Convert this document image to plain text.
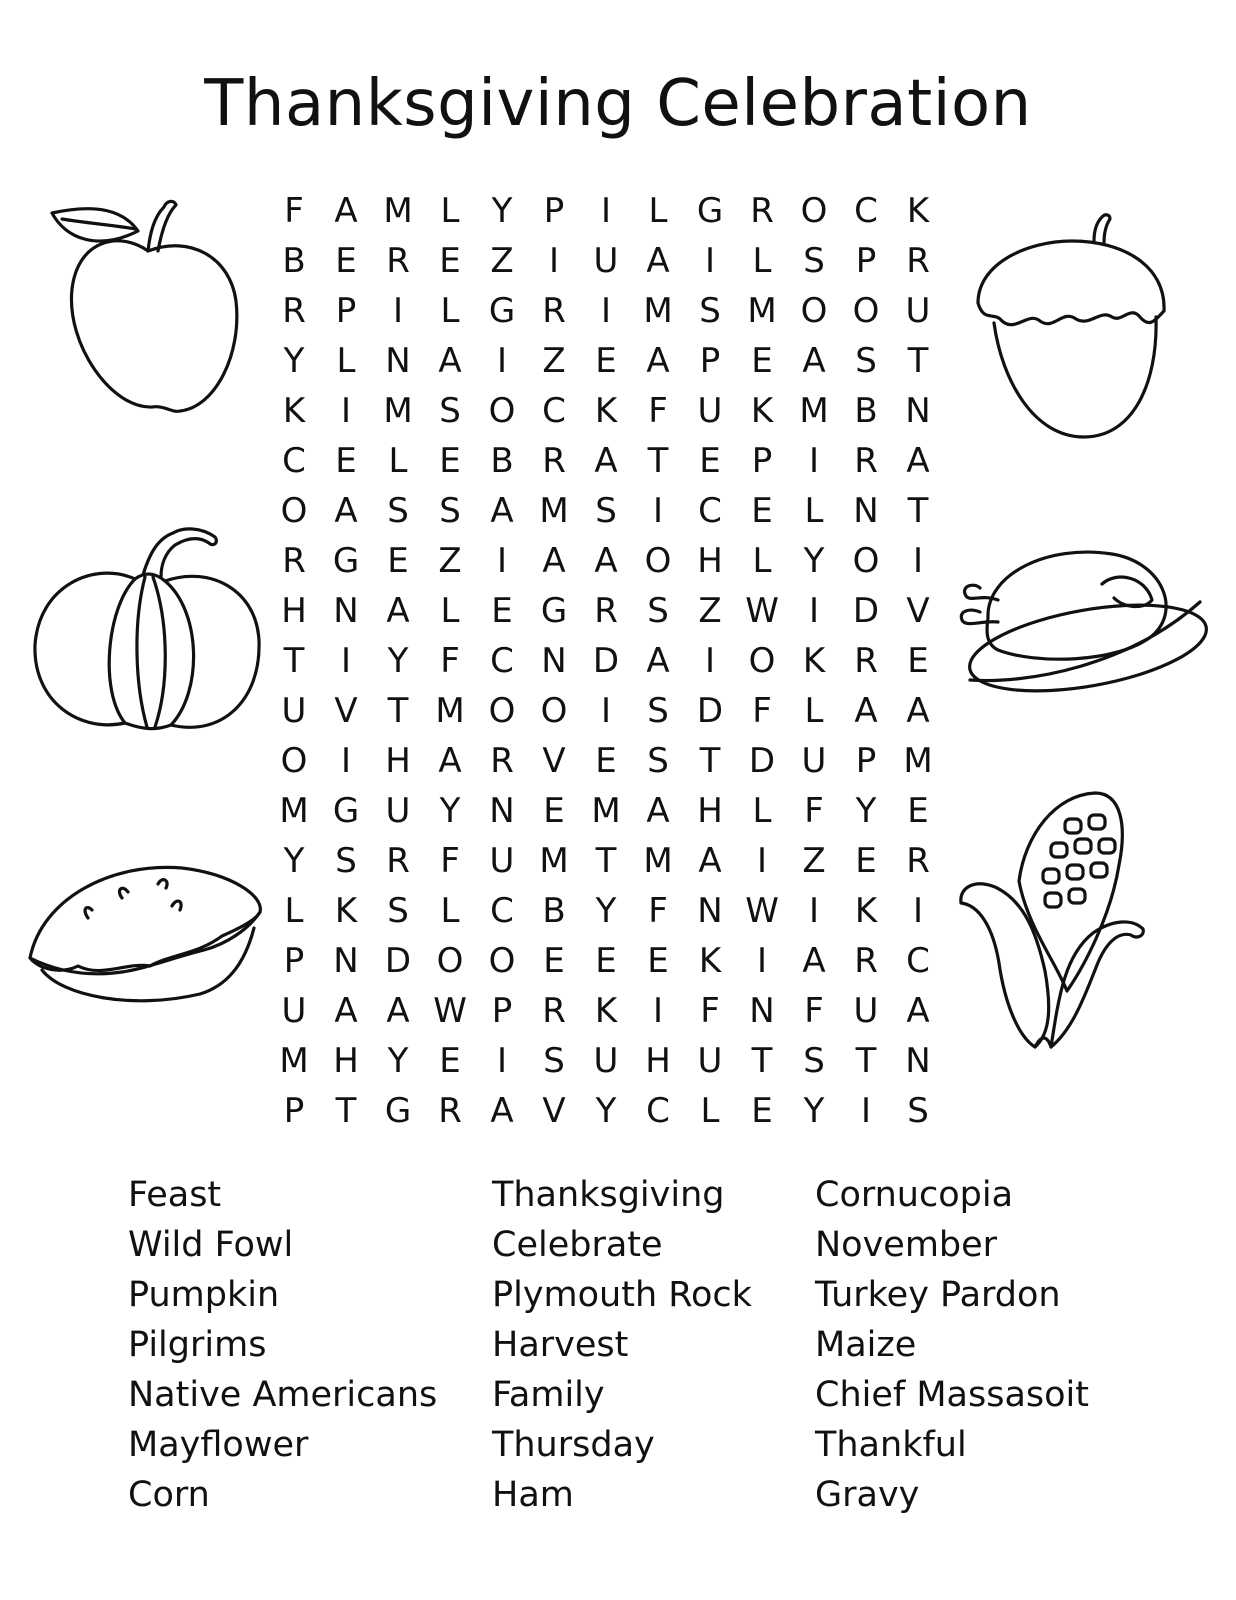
Thanksgiving Celebration
F A M L Y P	I	L G R O C K
B E R E Z	I	U A	I	L S P R
R P	I	L G R	I M S M O O U
Y L N A	I	Z E A P E A S T
K	I M S O C K F U K M B N
C E L E B R A T E P	I	R A
O A S S A M S	I	C E L N T
R G E Z	I	A A O H L Y O I
H N A L E G R S Z W I D V
T	I	Y F C N D A	I O K R E
U V T M O O I	S D F L A A
O I	H A R V E S T D U P M
M G U Y N E M A H L F Y E
Y S R F U M T M A	I	Z E R
L K S L C B Y F N W I	K	I
P N D O O E E E K	I	A R C
U A A W P R K	I	F N F U A
M H Y E	I	S U H U T S T N
P T G R A V Y C L E Y	I	S
Feast
Wild Fowl
Pumpkin
Pilgrims
Native Americans
Mayflower
Corn
Thanksgiving
Celebrate
Plymouth Rock
Harvest
Family
Thursday
Ham
Cornucopia
November
Turkey Pardon
Maize
Chief Massasoit
Thankful
Gravy
